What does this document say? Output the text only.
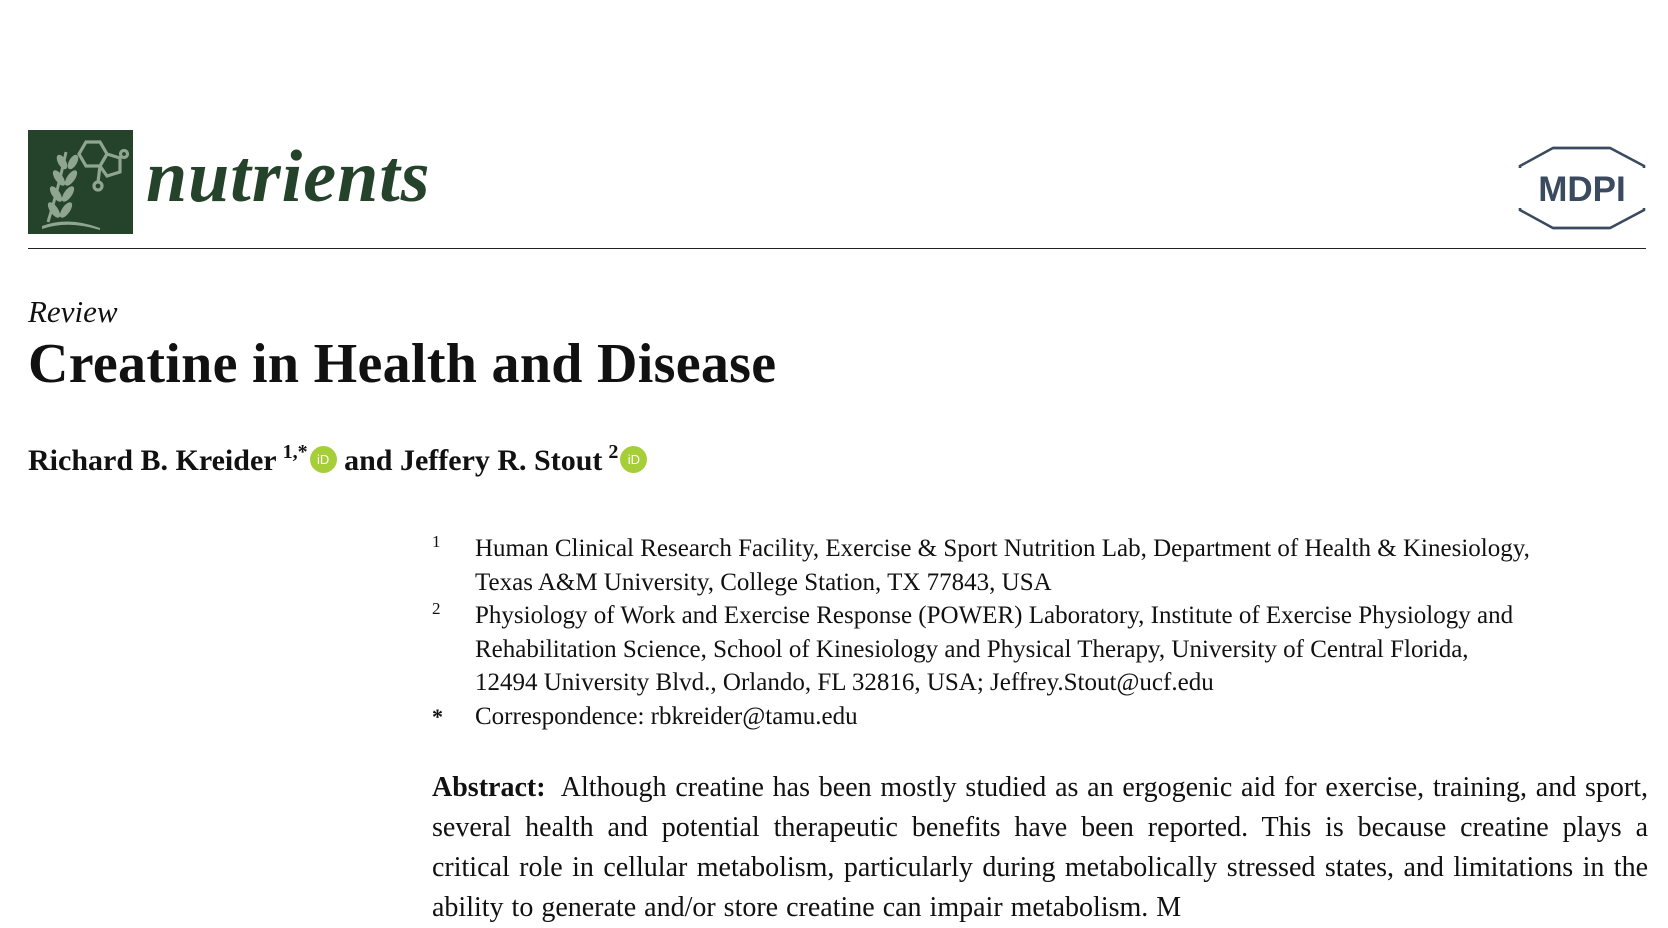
nutrients	MDPI
Review
Creatine in Health and Disease
Richard B. Kreider $^{1,*}$ iD and Jeffery R. Stout $^2$ iD
1 Human Clinical Research Facility, Exercise & Sport Nutrition Lab, Department of Health & Kinesiology,
Texas A&M University, College Station, TX 77843, USA
2 Physiology of Work and Exercise Response (POWER) Laboratory, Institute of Exercise Physiology and
Rehabilitation Science, School of Kinesiology and Physical Therapy, University of Central Florida,
12494 University Blvd., Orlando, FL 32816, USA; Jeffrey.Stout@ucf.edu
* Correspondence: rbkreider@tamu.edu
Abstract: Although creatine has been mostly studied as an ergogenic aid for exercise, training, and sport, several health and potential therapeutic benefits have been reported. This is because creatine plays a critical role in cellular metabolism, particularly during metabolically stressed states, and limitations in the ability to generate and/or store creatine can impair metabolism. M
